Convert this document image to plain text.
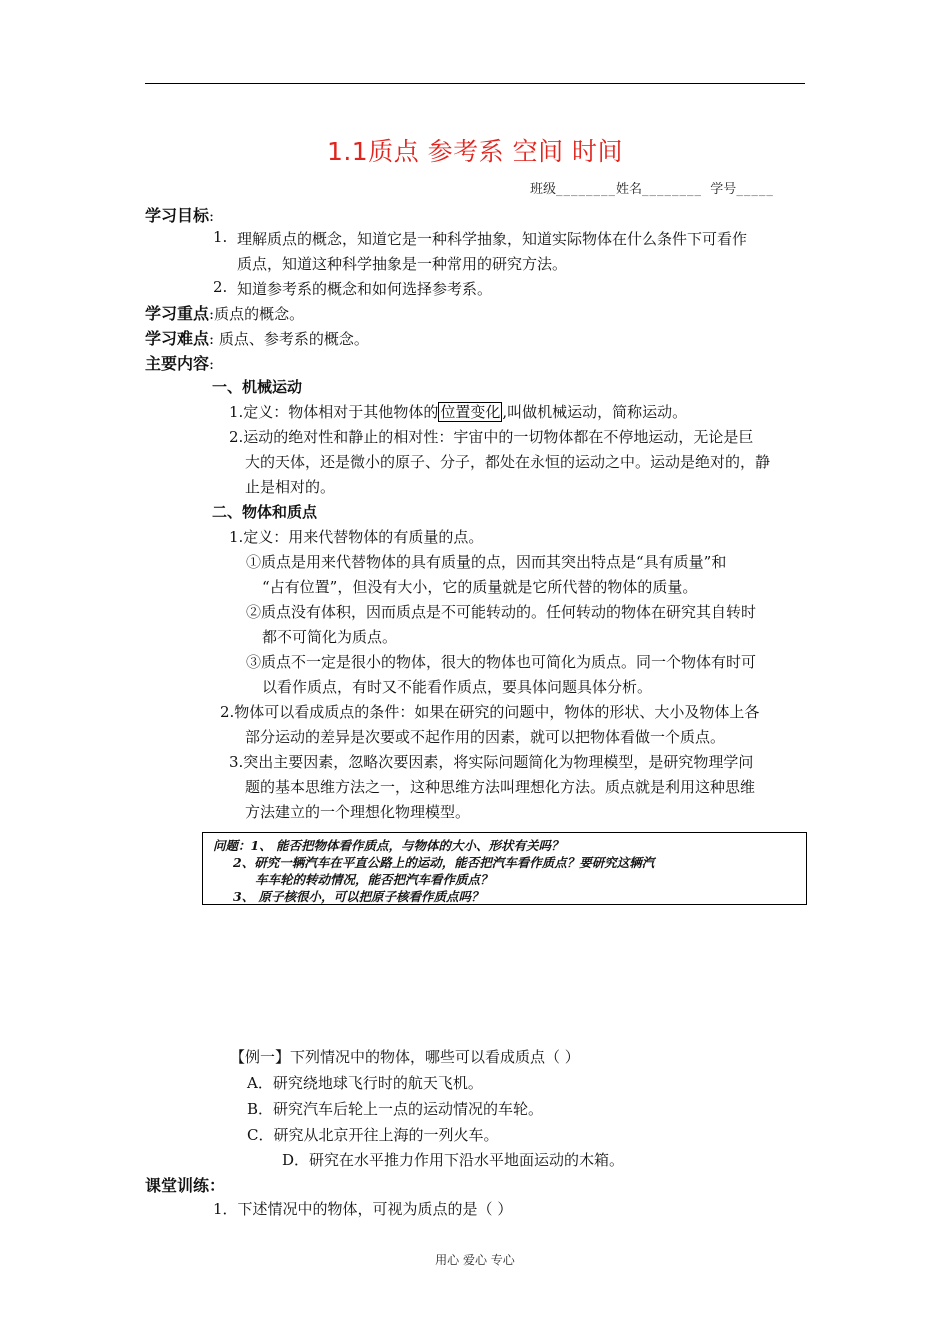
1.1质点 参考系 空间 时间
班级________姓名________ 学号_____
学习目标:
1. 理解质点的概念，知道它是一种科学抽象，知道实际物体在什么条件下可看作
质点，知道这种科学抽象是一种常用的研究方法。
2. 知道参考系的概念和如何选择参考系。
学习重点:质点的概念。
学习难点: 质点、参考系的概念。
主要内容:
一、机械运动
1.定义：物体相对于其他物体的 位置变化 ,叫做机械运动，简称运动。
2.运动的绝对性和静止的相对性：宇宙中的一切物体都在不停地运动，无论是巨
大的天体，还是微小的原子、分子，都处在永恒的运动之中。运动是绝对的，静
止是相对的。
二、物体和质点
1.定义：用来代替物体的有质量的点。
①质点是用来代替物体的具有质量的点，因而其突出特点是“具有质量”和
“占有位置”，但没有大小，它的质量就是它所代替的物体的质量。
②质点没有体积，因而质点是不可能转动的。任何转动的物体在研究其自转时
都不可简化为质点。
③质点不一定是很小的物体，很大的物体也可简化为质点。同一个物体有时可
以看作质点，有时又不能看作质点，要具体问题具体分析。
2.物体可以看成质点的条件：如果在研究的问题中，物体的形状、大小及物体上各
部分运动的差异是次要或不起作用的因素，就可以把物体看做一个质点。
3.突出主要因素，忽略次要因素，将实际问题简化为物理模型，是研究物理学问
题的基本思维方法之一，这种思维方法叫理想化方法。质点就是利用这种思维
方法建立的一个理想化物理模型。
问题：1、 能否把物体看作质点，与物体的大小、形状有关吗？
2、研究一辆汽车在平直公路上的运动，能否把汽车看作质点？要研究这辆汽
车车轮的转动情况，能否把汽车看作质点？
3、 原子核很小，可以把原子核看作质点吗？
【例一】下列情况中的物体，哪些可以看成质点（ ）
A．研究绕地球飞行时的航天飞机。
B．研究汽车后轮上一点的运动情况的车轮。
C．研究从北京开往上海的一列火车。
D．研究在水平推力作用下沿水平地面运动的木箱。
课堂训练：
1．下述情况中的物体，可视为质点的是（ ）
用心 爱心 专心
